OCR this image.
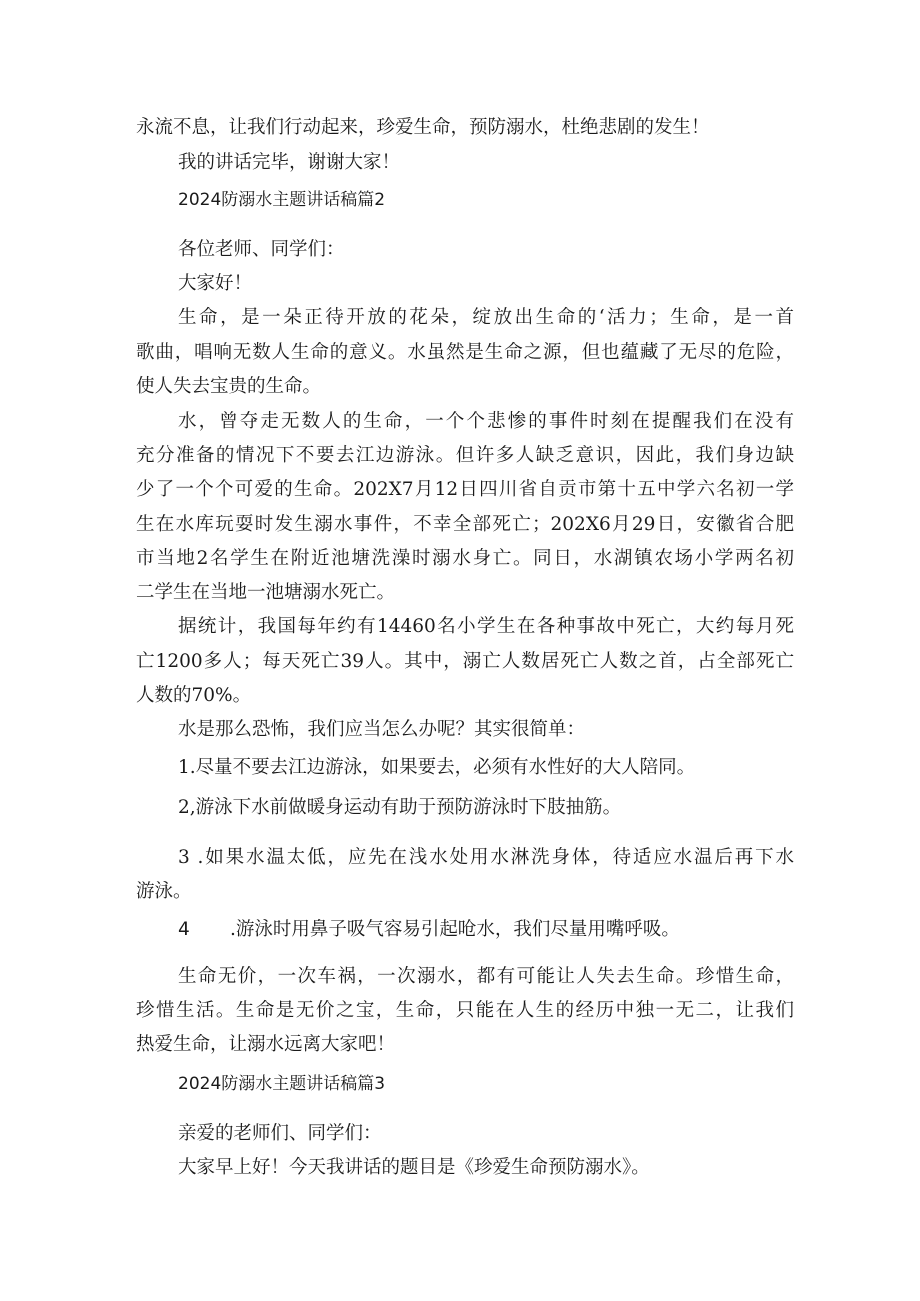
永流不息，让我们行动起来，珍爱生命，预防溺水，杜绝悲剧的发生！
我的讲话完毕，谢谢大家！
2024防溺水主题讲话稿篇2
各位老师、同学们：
大家好！
生命，是一朵正待开放的花朵，绽放出生命的‘活力；生命，是一首
歌曲，唱响无数人生命的意义。水虽然是生命之源，但也蕴藏了无尽的危险，
使人失去宝贵的生命。
水，曾夺走无数人的生命，一个个悲惨的事件时刻在提醒我们在没有
充分准备的情况下不要去江边游泳。但许多人缺乏意识，因此，我们身边缺
少了一个个可爱的生命。202X7月12日四川省自贡市第十五中学六名初一学
生在水库玩耍时发生溺水事件，不幸全部死亡；202X6月29日，安徽省合肥
市当地2名学生在附近池塘洗澡时溺水身亡。同日，水湖镇农场小学两名初
二学生在当地一池塘溺水死亡。
据统计，我国每年约有14460名小学生在各种事故中死亡，大约每月死
亡1200多人；每天死亡39人。其中，溺亡人数居死亡人数之首，占全部死亡
人数的70%。
水是那么恐怖，我们应当怎么办呢？其实很简单：
1.尽量不要去江边游泳，如果要去，必须有水性好的大人陪同。
2,游泳下水前做暖身运动有助于预防游泳时下肢抽筋。
3 .如果水温太低，应先在浅水处用水淋洗身体，待适应水温后再下水
游泳。
4 .游泳时用鼻子吸气容易引起呛水，我们尽量用嘴呼吸。
生命无价，一次车祸，一次溺水，都有可能让人失去生命。珍惜生命，
珍惜生活。生命是无价之宝，生命，只能在人生的经历中独一无二，让我们
热爱生命，让溺水远离大家吧！
2024防溺水主题讲话稿篇3
亲爱的老师们、同学们：
大家早上好！今天我讲话的题目是《珍爱生命预防溺水》。
